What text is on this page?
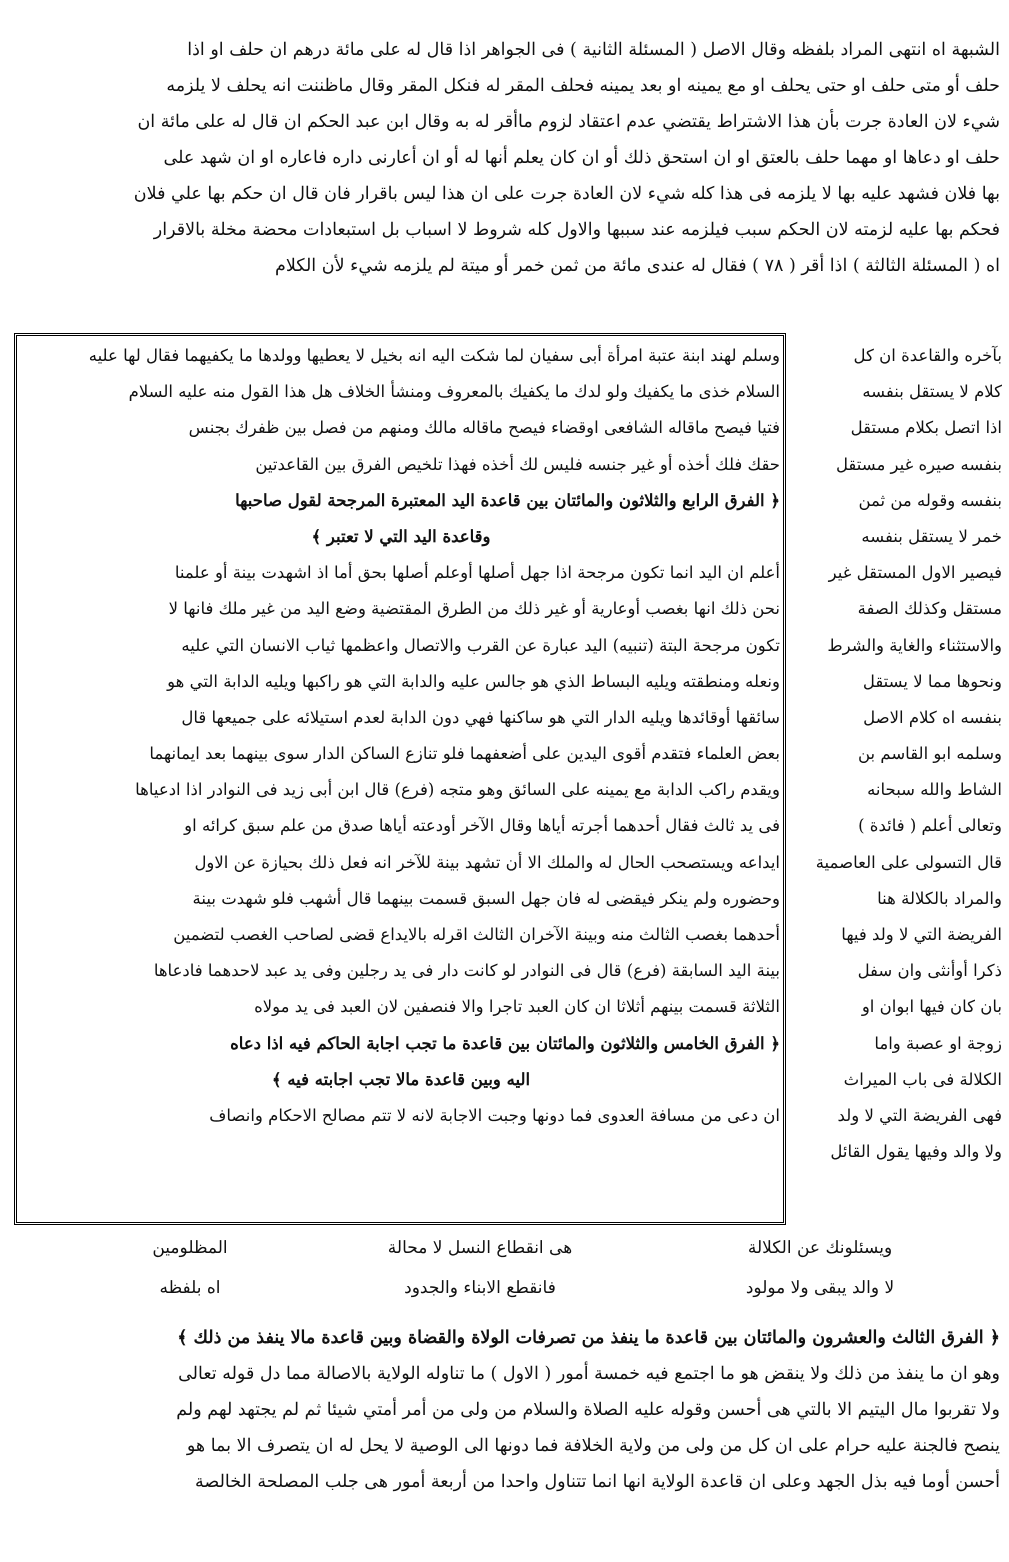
الشبهة اه انتهى المراد بلفظه وقال الاصل ( المسئلة الثانية ) فى الجواهر اذا قال له على مائة درهم ان حلف او اذا
حلف أو متى حلف او حتى يحلف او مع يمينه او بعد يمينه فحلف المقر له فنكل المقر وقال ماظننت انه يحلف لا يلزمه
شيء لان العادة جرت بأن هذا الاشتراط يقتضي عدم اعتقاد لزوم ماأقر له به وقال ابن عبد الحكم ان قال له على مائة ان
حلف او دعاها او مهما حلف بالعتق او ان استحق ذلك أو ان كان يعلم أنها له أو ان أعارنى داره فاعاره او ان شهد على
بها فلان فشهد عليه بها لا يلزمه فى هذا كله شيء لان العادة جرت على ان هذا ليس باقرار فان قال ان حكم بها علي فلان
فحكم بها عليه لزمته لان الحكم سبب فيلزمه عند سببها والاول كله شروط لا اسباب بل استبعادات محضة مخلة بالاقرار
اه ( المسئلة الثالثة ) اذا أقر ( ٧٨ ) فقال له عندى مائة من ثمن خمر أو ميتة لم يلزمه شيء لأن الكلام
وسلم لهند ابنة عتبة امرأة أبى سفيان لما شكت اليه انه بخيل لا يعطيها وولدها ما يكفيهما فقال لها عليه
السلام خذى ما يكفيك ولو لدك ما يكفيك بالمعروف ومنشأ الخلاف هل هذا القول منه عليه السلام
فتيا فيصح ماقاله الشافعى اوقضاء فيصح ماقاله مالك ومنهم من فصل بين ظفرك بجنس
حقك فلك أخذه أو غير جنسه فليس لك أخذه فهذا تلخيص الفرق بين القاعدتين
﴿ الفرق الرابع والثلاثون والمائتان بين قاعدة اليد المعتبرة المرجحة لقول صاحبها
وقاعدة اليد التي لا تعتبر ﴾
أعلم ان اليد انما تكون مرجحة اذا جهل أصلها أوعلم أصلها بحق أما اذ اشهدت بينة أو علمنا
نحن ذلك انها بغصب أوعارية أو غير ذلك من الطرق المقتضية وضع اليد من غير ملك فانها لا
تكون مرجحة البتة (تنبيه) اليد عبارة عن القرب والاتصال واعظمها ثياب الانسان التي عليه
ونعله ومنطقته ويليه البساط الذي هو جالس عليه والدابة التي هو راكبها ويليه الدابة التي هو
سائقها أوقائدها ويليه الدار التي هو ساكنها فهي دون الدابة لعدم استيلائه على جميعها قال
بعض العلماء فتقدم أقوى اليدين على أضعفهما فلو تنازع الساكن الدار سوى بينهما بعد ايمانهما
ويقدم راكب الدابة مع يمينه على السائق وهو متجه (فرع) قال ابن أبى زيد فى النوادر اذا ادعياها
فى يد ثالث فقال أحدهما أجرته أياها وقال الآخر أودعته أياها صدق من علم سبق كرائه او
ايداعه ويستصحب الحال له والملك الا أن تشهد بينة للآخر انه فعل ذلك بحيازة عن الاول
وحضوره ولم ينكر فيقضى له فان جهل السبق قسمت بينهما قال أشهب فلو شهدت بينة
أحدهما بغصب الثالث منه وبينة الآخران الثالث اقرله بالايداع قضى لصاحب الغصب لتضمين
بينة اليد السابقة (فرع) قال فى النوادر لو كانت دار فى يد رجلين وفى يد عبد لاحدهما فادعاها
الثلاثة قسمت بينهم أثلاثا ان كان العبد تاجرا والا فنصفين لان العبد فى يد مولاه
﴿ الفرق الخامس والثلاثون والمائتان بين قاعدة ما تجب اجابة الحاكم فيه اذا دعاه
اليه وبين قاعدة مالا تجب اجابته فيه ﴾
ان دعى من مسافة العدوى فما دونها وجبت الاجابة لانه لا تتم مصالح الاحكام وانصاف
بآخره والقاعدة ان كل
كلام لا يستقل بنفسه
اذا اتصل بكلام مستقل
بنفسه صيره غير مستقل
بنفسه وقوله من ثمن
خمر لا يستقل بنفسه
فيصير الاول المستقل غير
مستقل وكذلك الصفة
والاستثناء والغاية والشرط
ونحوها مما لا يستقل
بنفسه اه كلام الاصل
وسلمه ابو القاسم بن
الشاط والله سبحانه
وتعالى أعلم ( فائدة )
قال التسولى على العاصمية
والمراد بالكلالة هنا
الفريضة التي لا ولد فيها
ذكرا أوأنثى وان سفل
بان كان فيها ابوان او
زوجة او عصبة واما
الكلالة فى باب الميراث
فهى الفريضة التي لا ولد
ولا والد وفيها يقول القائل
ويسئلونك عن الكلالة
هى انقطاع النسل لا محالة
المظلومين
لا والد يبقى ولا مولود
فانقطع الابناء والجدود
اه بلفظه
﴿ الفرق الثالث والعشرون والمائتان بين قاعدة ما ينفذ من تصرفات الولاة والقضاة وبين قاعدة مالا ينفذ من ذلك ﴾
وهو ان ما ينفذ من ذلك ولا ينقض هو ما اجتمع فيه خمسة أمور ( الاول ) ما تناوله الولاية بالاصالة مما دل قوله تعالى
ولا تقربوا مال اليتيم الا بالتي هى أحسن وقوله عليه الصلاة والسلام من ولى من أمر أمتي شيئا ثم لم يجتهد لهم ولم
ينصح فالجنة عليه حرام على ان كل من ولى من ولاية الخلافة فما دونها الى الوصية لا يحل له ان يتصرف الا بما هو
أحسن أوما فيه بذل الجهد وعلى ان قاعدة الولاية انها انما تتناول واحدا من أربعة أمور هى جلب المصلحة الخالصة
